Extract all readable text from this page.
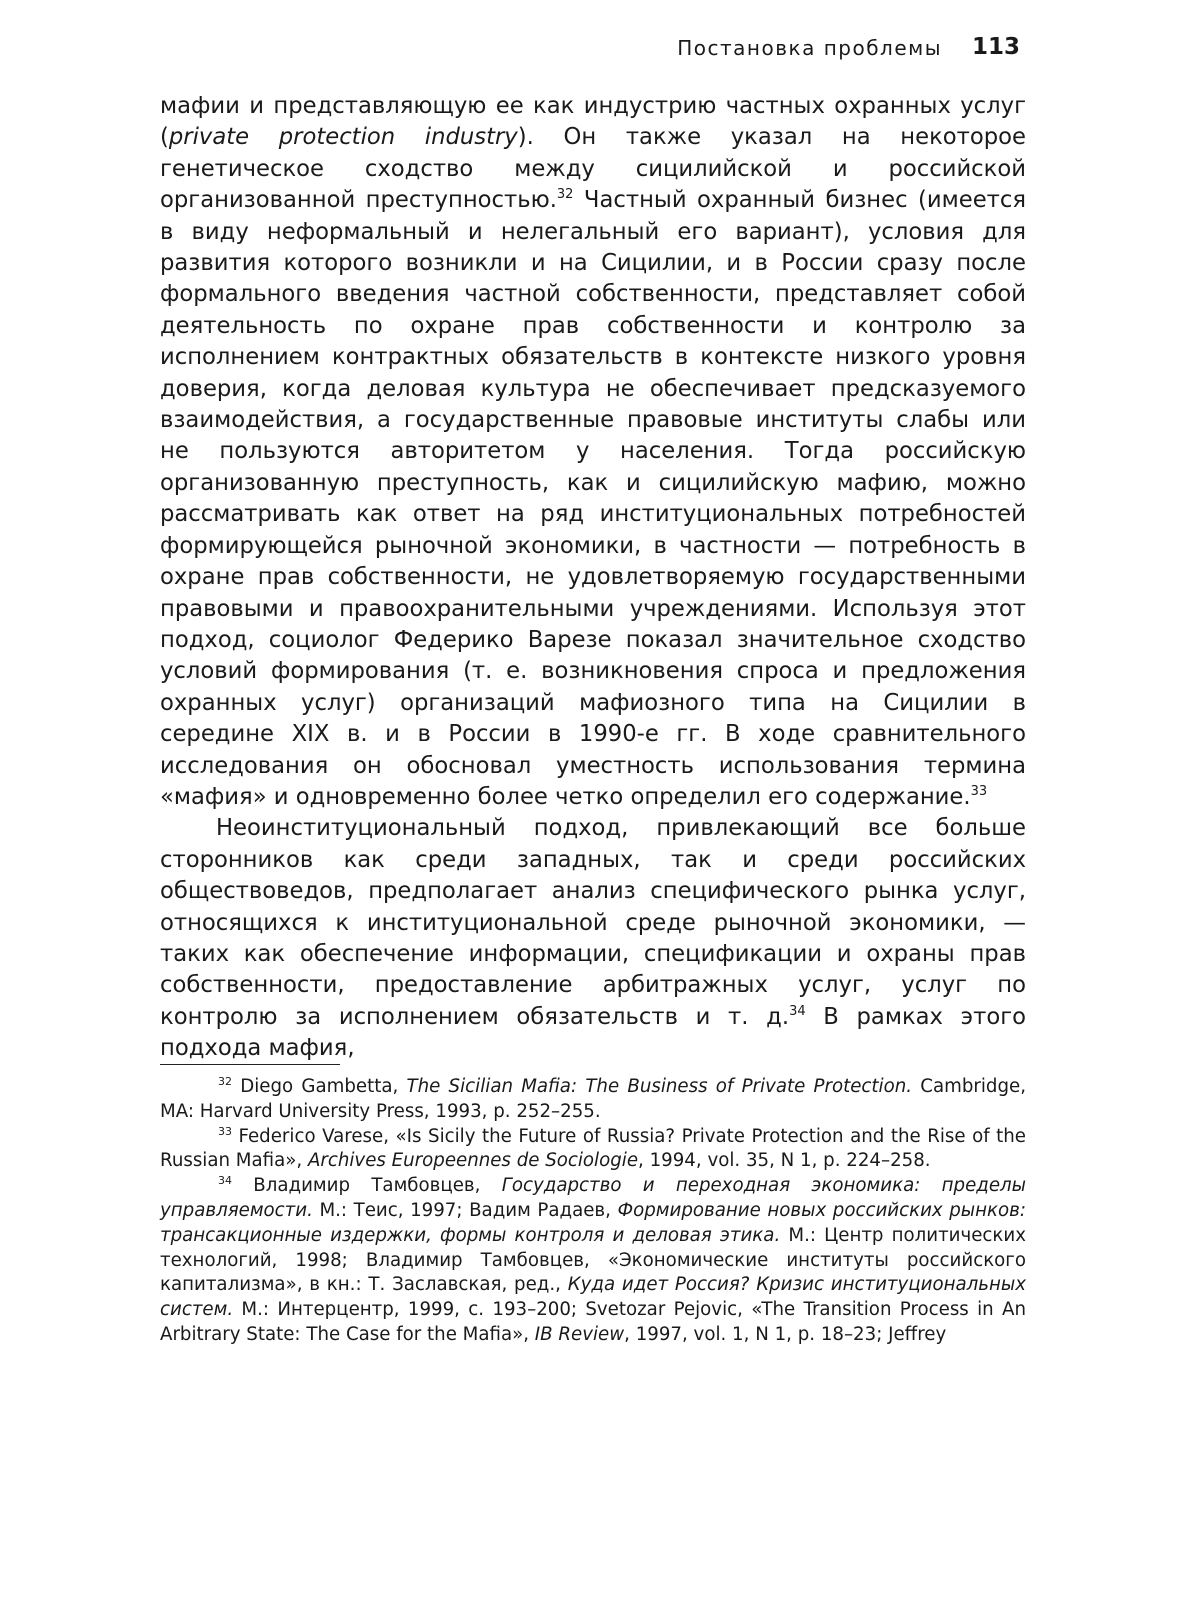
Постановка проблемы 113

мафии и представляющую ее как индустрию частных охранных услуг (private protection industry). Он также указал на некоторое генетическое сходство между сицилийской и российской организованной преступностью.$^{32}$ Частный охранный бизнес (имеется в виду неформальный и нелегальный его вариант), условия для развития которого возникли и на Сицилии, и в России сразу после формального введения частной собственности, представляет собой деятельность по охране прав собственности и контролю за исполнением контрактных обязательств в контексте низкого уровня доверия, когда деловая культура не обеспечивает предсказуемого взаимодействия, а государственные правовые институты слабы или не пользуются авторитетом у населения. Тогда российскую организованную преступность, как и сицилийскую мафию, можно рассматривать как ответ на ряд институциональных потребностей формирующейся рыночной экономики, в частности — потребность в охране прав собственности, не удовлетворяемую государственными правовыми и правоохранительными учреждениями. Используя этот подход, социолог Федерико Варезе показал значительное сходство условий формирования (т. е. возникновения спроса и предложения охранных услуг) организаций мафиозного типа на Сицилии в середине XIX в. и в России в 1990-е гг. В ходе сравнительного исследования он обосновал уместность использования термина «мафия» и одновременно более четко определил его содержание.$^{33}$

Неоинституциональный подход, привлекающий все больше сторонников как среди западных, так и среди российских обществоведов, предполагает анализ специфического рынка услуг, относящихся к институциональной среде рыночной экономики, — таких как обеспечение информации, спецификации и охраны прав собственности, предоставление арбитражных услуг, услуг по контролю за исполнением обязательств и т. д.$^{34}$ В рамках этого подхода мафия,

$^{32}$ Diego Gambetta, The Sicilian Mafia: The Business of Private Protection. Cambridge, MA: Harvard University Press, 1993, p. 252–255.

$^{33}$ Federico Varese, «Is Sicily the Future of Russia? Private Protection and the Rise of the Russian Mafia», Archives Europeennes de Sociologie, 1994, vol. 35, N 1, p. 224–258.

$^{34}$ Владимир Тамбовцев, Государство и переходная экономика: пределы управляемости. М.: Теис, 1997; Вадим Радаев, Формирование новых российских рынков: трансакционные издержки, формы контроля и деловая этика. М.: Центр политических технологий, 1998; Владимир Тамбовцев, «Экономические институты российского капитализма», в кн.: Т. Заславская, ред., Куда идет Россия? Кризис институциональных систем. М.: Интерцентр, 1999, с. 193–200; Svetozar Pejovic, «The Transition Process in An Arbitrary State: The Case for the Mafia», IB Review, 1997, vol. 1, N 1, p. 18–23; Jeffrey
